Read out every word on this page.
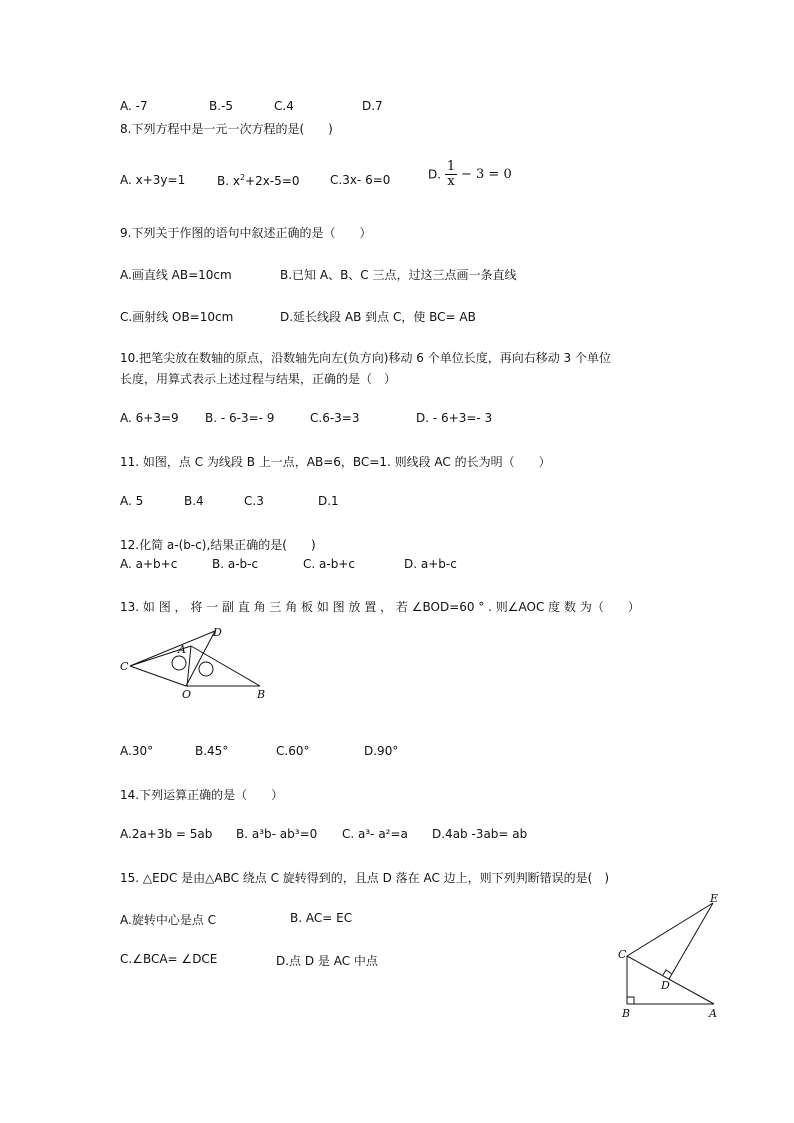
A. -7	B.-5	C.4	D.7
8.下列方程中是一元一次方程的是(　　)
A. x+3y=1	B. $x^2+2x-5=0$	C.3x- 6=0	D. $\frac{1}{x} - 3 = 0$
9.下列关于作图的语句中叙述正确的是（　　）
A.画直线 AB=10cm	B.已知 A、B、C 三点，过这三点画一条直线
C.画射线 OB=10cm	D.延长线段 AB 到点 C，使 BC= AB
10.把笔尖放在数轴的原点，沿数轴先向左(负方向)移动 6 个单位长度，再向右移动 3 个单位
长度，用算式表示上述过程与结果，正确的是（　）
A. 6+3=9 B. - 6-3=- 9	C.6-3=3	D. - 6+3=- 3
11. 如图，点 C 为线段 B 上一点，AB=6，BC=1. 则线段 AC 的长为明（　　）
A. 5	B.4	C.3	D.1
12.化简 a-(b-c),结果正确的是(　　)
A. a+b+c	B. a-b-c	C. a-b+c	D. a+b-c
13. 如 图 ， 将 一 副 直 角 三 角 板 如 图 放 置 ， 若 ∠BOD=60 ° . 则∠AOC 度 数 为（　　）
C
A
D
O	B
A.30°	B.45°	C.60°	D.90°
14.下列运算正确的是（　　）
A.2a+3b = 5ab B. a³b- ab³=0 C. a³- a²=a D.4ab -3ab= ab
15. △EDC 是由△ABC 绕点 C 旋转得到的，且点 D 落在 AC 边上，则下列判断错误的是(　)
A.旋转中心是点 C	B. AC= EC
C.∠BCA= ∠DCE	D.点 D 是 AC 中点
E
C
D
B	A
